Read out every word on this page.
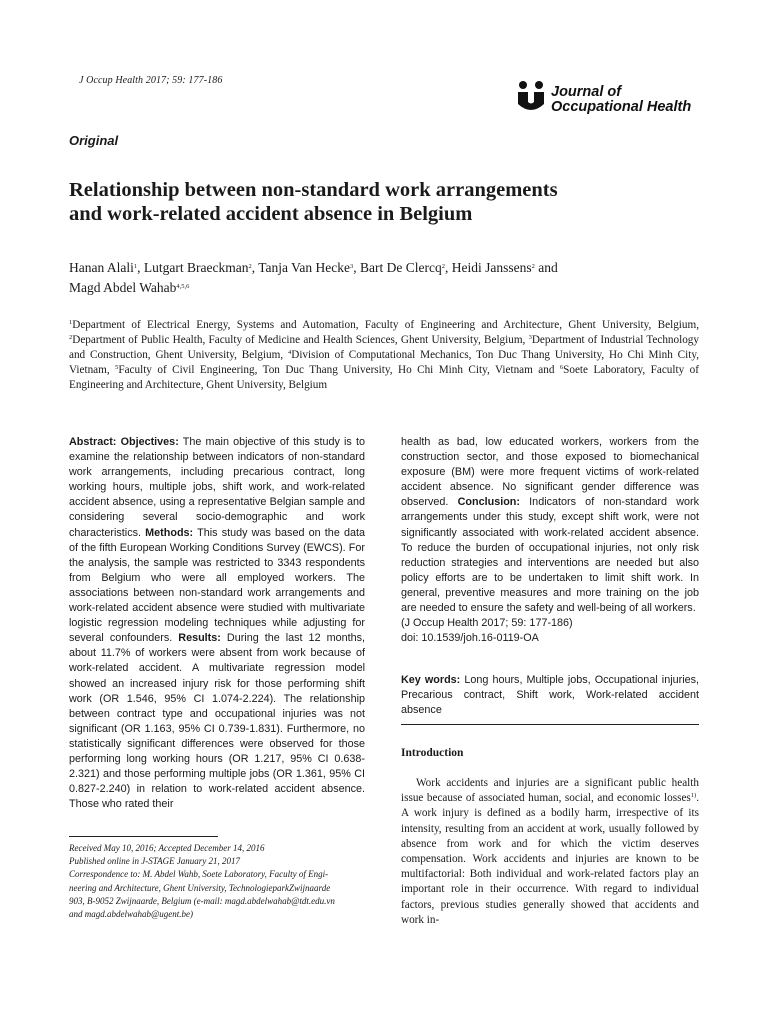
J Occup Health 2017; 59: 177-186
Journal of
Occupational Health
Original
Relationship between non-standard work arrangements
and work-related accident absence in Belgium
Hanan Alali$^1$, Lutgart Braeckman$^2$, Tanja Van Hecke$^3$, Bart De Clercq$^2$, Heidi Janssens$^2$ and
Magd Abdel Wahab$^{4,5,6}$
$^1$Department of Electrical Energy, Systems and Automation, Faculty of Engineering and Architecture, Ghent University, Belgium, $^2$Department of Public Health, Faculty of Medicine and Health Sciences, Ghent University, Belgium, $^3$Department of Industrial Technology and Construction, Ghent University, Belgium, $^4$Division of Computational Mechanics, Ton Duc Thang University, Ho Chi Minh City, Vietnam, $^5$Faculty of Civil Engineering, Ton Duc Thang University, Ho Chi Minh City, Vietnam and $^6$Soete Laboratory, Faculty of Engineering and Architecture, Ghent University, Belgium
Abstract: Objectives: The main objective of this study is to examine the relationship between indicators of non-standard work arrangements, including precarious contract, long working hours, multiple jobs, shift work, and work-related accident absence, using a representative Belgian sample and considering several socio-demographic and work characteristics. Methods: This study was based on the data of the fifth European Working Conditions Survey (EWCS). For the analysis, the sample was restricted to 3343 respondents from Belgium who were all employed workers. The associations between non-standard work arrangements and work-related accident absence were studied with multivariate logistic regression modeling techniques while adjusting for several confounders. Results: During the last 12 months, about 11.7% of workers were absent from work because of work-related accident. A multivariate regression model showed an increased injury risk for those performing shift work (OR 1.546, 95% CI 1.074-2.224). The relationship between contract type and occupational injuries was not significant (OR 1.163, 95% CI 0.739-1.831). Furthermore, no statistically significant differences were observed for those performing long working hours (OR 1.217, 95% CI 0.638-2.321) and those performing multiple jobs (OR 1.361, 95% CI 0.827-2.240) in relation to work-related accident absence. Those who rated their
health as bad, low educated workers, workers from the construction sector, and those exposed to biomechanical exposure (BM) were more frequent victims of work-related accident absence. No significant gender difference was observed. Conclusion: Indicators of non-standard work arrangements under this study, except shift work, were not significantly associated with work-related accident absence. To reduce the burden of occupational injuries, not only risk reduction strategies and interventions are needed but also policy efforts are to be undertaken to limit shift work. In general, preventive measures and more training on the job are needed to ensure the safety and well-being of all workers.
(J Occup Health 2017; 59: 177-186)
doi: 10.1539/joh.16-0119-OA
Key words: Long hours, Multiple jobs, Occupational injuries, Precarious contract, Shift work, Work-related accident absence
Introduction

Work accidents and injuries are a significant public health issue because of associated human, social, and economic losses$^{1)}$. A work injury is defined as a bodily harm, irrespective of its intensity, resulting from an accident at work, usually followed by absence from work and for which the victim deserves compensation. Work accidents and injuries are known to be multifactorial: Both individual and work-related factors play an important role in their occurrence. With regard to individual factors, previous studies generally showed that accidents and work in-

Received May 10, 2016; Accepted December 14, 2016
Published online in J-STAGE January 21, 2017
Correspondence to: M. Abdel Wahb, Soete Laboratory, Faculty of Engi-
neering and Architecture, Ghent University, TechnologieparkZwijnaarde
903, B-9052 Zwijnaarde, Belgium (e-mail: magd.abdelwahab@tdt.edu.vn
and magd.abdelwahab@ugent.be)
